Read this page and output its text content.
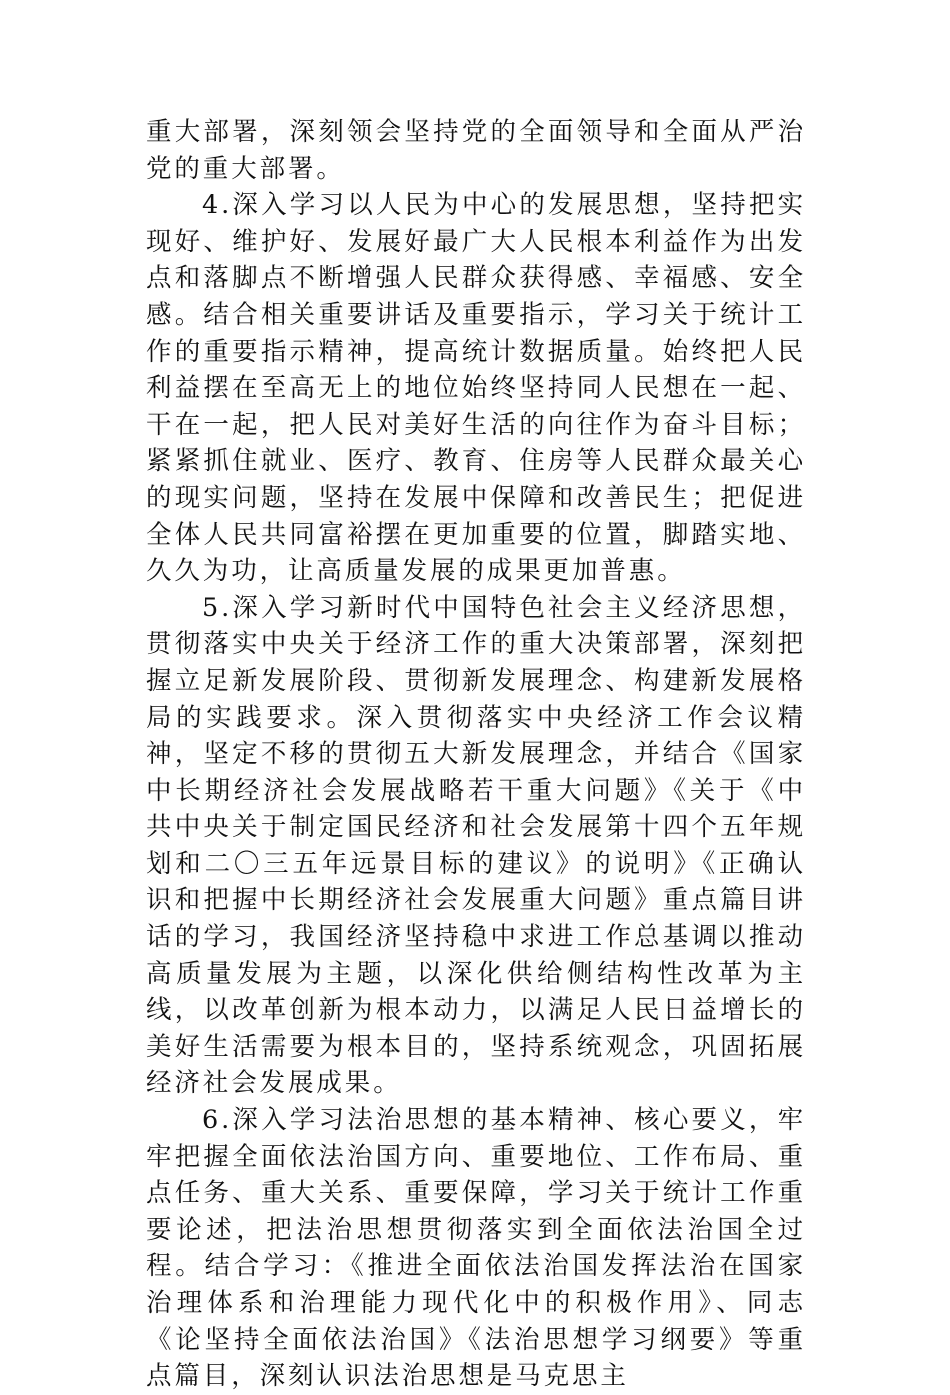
重大部署，深刻领会坚持党的全面领导和全面从严治党的重大部署。

4.深入学习以人民为中心的发展思想，坚持把实现好、维护好、发展好最广大人民根本利益作为出发点和落脚点不断增强人民群众获得感、幸福感、安全感。结合相关重要讲话及重要指示，学习关于统计工作的重要指示精神，提高统计数据质量。始终把人民利益摆在至高无上的地位始终坚持同人民想在一起、干在一起，把人民对美好生活的向往作为奋斗目标；紧紧抓住就业、医疗、教育、住房等人民群众最关心的现实问题，坚持在发展中保障和改善民生；把促进全体人民共同富裕摆在更加重要的位置，脚踏实地、久久为功，让高质量发展的成果更加普惠。

5.深入学习新时代中国特色社会主义经济思想，贯彻落实中央关于经济工作的重大决策部署，深刻把握立足新发展阶段、贯彻新发展理念、构建新发展格局的实践要求。深入贯彻落实中央经济工作会议精神，坚定不移的贯彻五大新发展理念，并结合《国家中长期经济社会发展战略若干重大问题》《关于《中共中央关于制定国民经济和社会发展第十四个五年规划和二〇三五年远景目标的建议》的说明》《正确认识和把握中长期经济社会发展重大问题》重点篇目讲话的学习，我国经济坚持稳中求进工作总基调以推动高质量发展为主题，以深化供给侧结构性改革为主线，以改革创新为根本动力，以满足人民日益增长的美好生活需要为根本目的，坚持系统观念，巩固拓展经济社会发展成果。

6.深入学习法治思想的基本精神、核心要义，牢牢把握全面依法治国方向、重要地位、工作布局、重点任务、重大关系、重要保障，学习关于统计工作重要论述，把法治思想贯彻落实到全面依法治国全过程。结合学习：《推进全面依法治国发挥法治在国家治理体系和治理能力现代化中的积极作用》、同志《论坚持全面依法治国》《法治思想学习纲要》等重点篇目，深刻认识法治思想是马克思主
